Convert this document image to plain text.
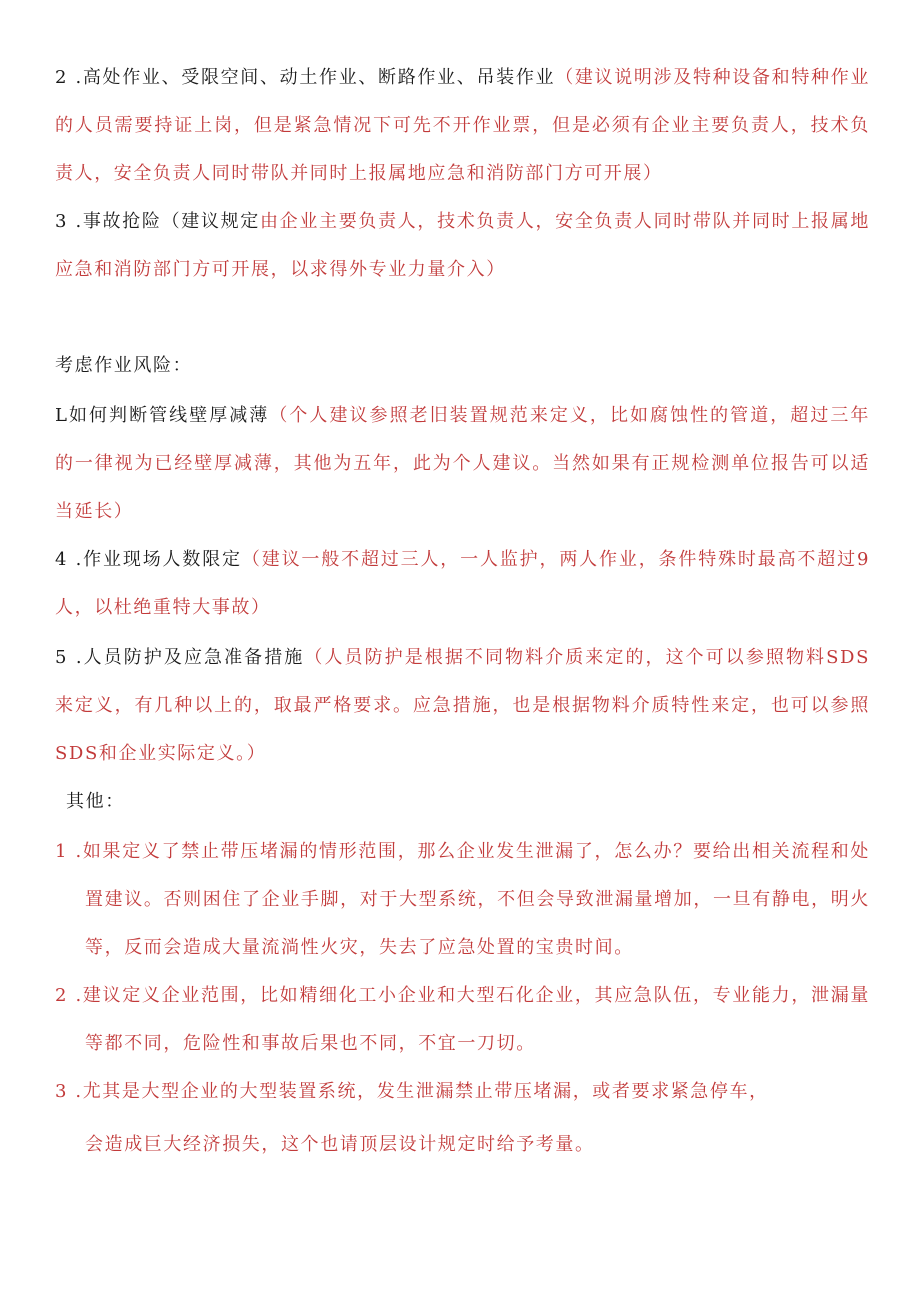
2 .高处作业、受限空间、动土作业、断路作业、吊装作业（建议说明涉及特种设备和特种作业的人员需要持证上岗，但是紧急情况下可先不开作业票，但是必须有企业主要负责人，技术负责人，安全负责人同时带队并同时上报属地应急和消防部门方可开展）

3 .事故抢险（建议规定由企业主要负责人，技术负责人，安全负责人同时带队并同时上报属地应急和消防部门方可开展，以求得外专业力量介入）

考虑作业风险：

L如何判断管线壁厚减薄（个人建议参照老旧装置规范来定义，比如腐蚀性的管道，超过三年的一律视为已经壁厚减薄，其他为五年，此为个人建议。当然如果有正规检测单位报告可以适当延长）

4 .作业现场人数限定（建议一般不超过三人，一人监护，两人作业，条件特殊时最高不超过9人，以杜绝重特大事故）

5 .人员防护及应急准备措施（人员防护是根据不同物料介质来定的，这个可以参照物料SDS来定义，有几种以上的，取最严格要求。应急措施，也是根据物料介质特性来定，也可以参照SDS和企业实际定义。）

其他：

1 .如果定义了禁止带压堵漏的情形范围，那么企业发生泄漏了，怎么办？要给出相关流程和处置建议。否则困住了企业手脚，对于大型系统，不但会导致泄漏量增加，一旦有静电，明火等，反而会造成大量流淌性火灾，失去了应急处置的宝贵时间。

2 .建议定义企业范围，比如精细化工小企业和大型石化企业，其应急队伍，专业能力，泄漏量等都不同，危险性和事故后果也不同，不宜一刀切。

3 .尤其是大型企业的大型装置系统，发生泄漏禁止带压堵漏，或者要求紧急停车，

会造成巨大经济损失，这个也请顶层设计规定时给予考量。
